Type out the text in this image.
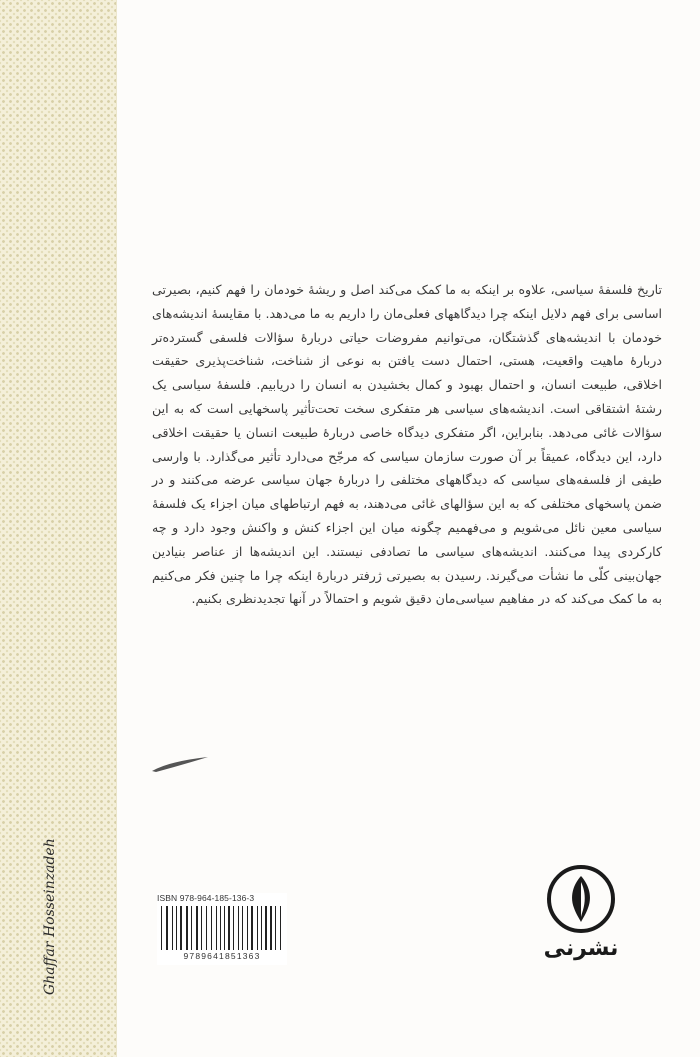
تاریخ فلسفهٔ سیاسی، علاوه بر اینکه به ما کمک می‌کند اصل و ریشهٔ خودمان را فهم کنیم، بصیرتی اساسی برای فهم دلایل اینکه چرا دیدگاههای فعلی‌مان را داریم به ما می‌دهد. با مقایسهٔ اندیشه‌های خودمان با اندیشه‌های گذشتگان، می‌توانیم مفروضات حیاتی دربارهٔ سؤالات فلسفی گسترده‌تر دربارهٔ ماهیت واقعیت، هستی، احتمال دست یافتن به نوعی از شناخت، شناخت‌پذیری حقیقت اخلاقی، طبیعت انسان، و احتمال بهبود و کمال بخشیدن به انسان را دریابیم. فلسفهٔ سیاسی یک رشتهٔ اشتقاقی است. اندیشه‌های سیاسی هر متفکری سخت تحت‌تأثیر پاسخهایی است که به این سؤالات غائی می‌دهد. بنابراین، اگر متفکری دیدگاه خاصی دربارهٔ طبیعت انسان یا حقیقت اخلاقی دارد، این دیدگاه، عمیقاً بر آن صورت سازمان سیاسی که مرجّح می‌دارد تأثیر می‌گذارد. با وارسی طیفی از فلسفه‌های سیاسی که دیدگاههای مختلفی را دربارهٔ جهان سیاسی عرضه می‌کنند و در ضمن پاسخهای مختلفی که به این سؤالهای غائی می‌دهند، به فهم ارتباطهای میان اجزاء یک فلسفهٔ سیاسی معین نائل می‌شویم و می‌فهمیم چگونه میان این اجزاء کنش و واکنش وجود دارد و چه کارکردی پیدا می‌کنند. اندیشه‌های سیاسی ما تصادفی نیستند. این اندیشه‌ها از عناصر بنیادین جهان‌بینی کلّی ما نشأت می‌گیرند. رسیدن به بصیرتی ژرفتر دربارهٔ اینکه چرا ما چنین فکر می‌کنیم به ما کمک می‌کند که در مفاهیم سیاسی‌مان دقیق شویم و احتمالاً در آنها تجدیدنظری بکنیم.

ISBN 978-964-185-136-3
9789641851363
Ghaffar Hosseinzadeh	نشرنی
